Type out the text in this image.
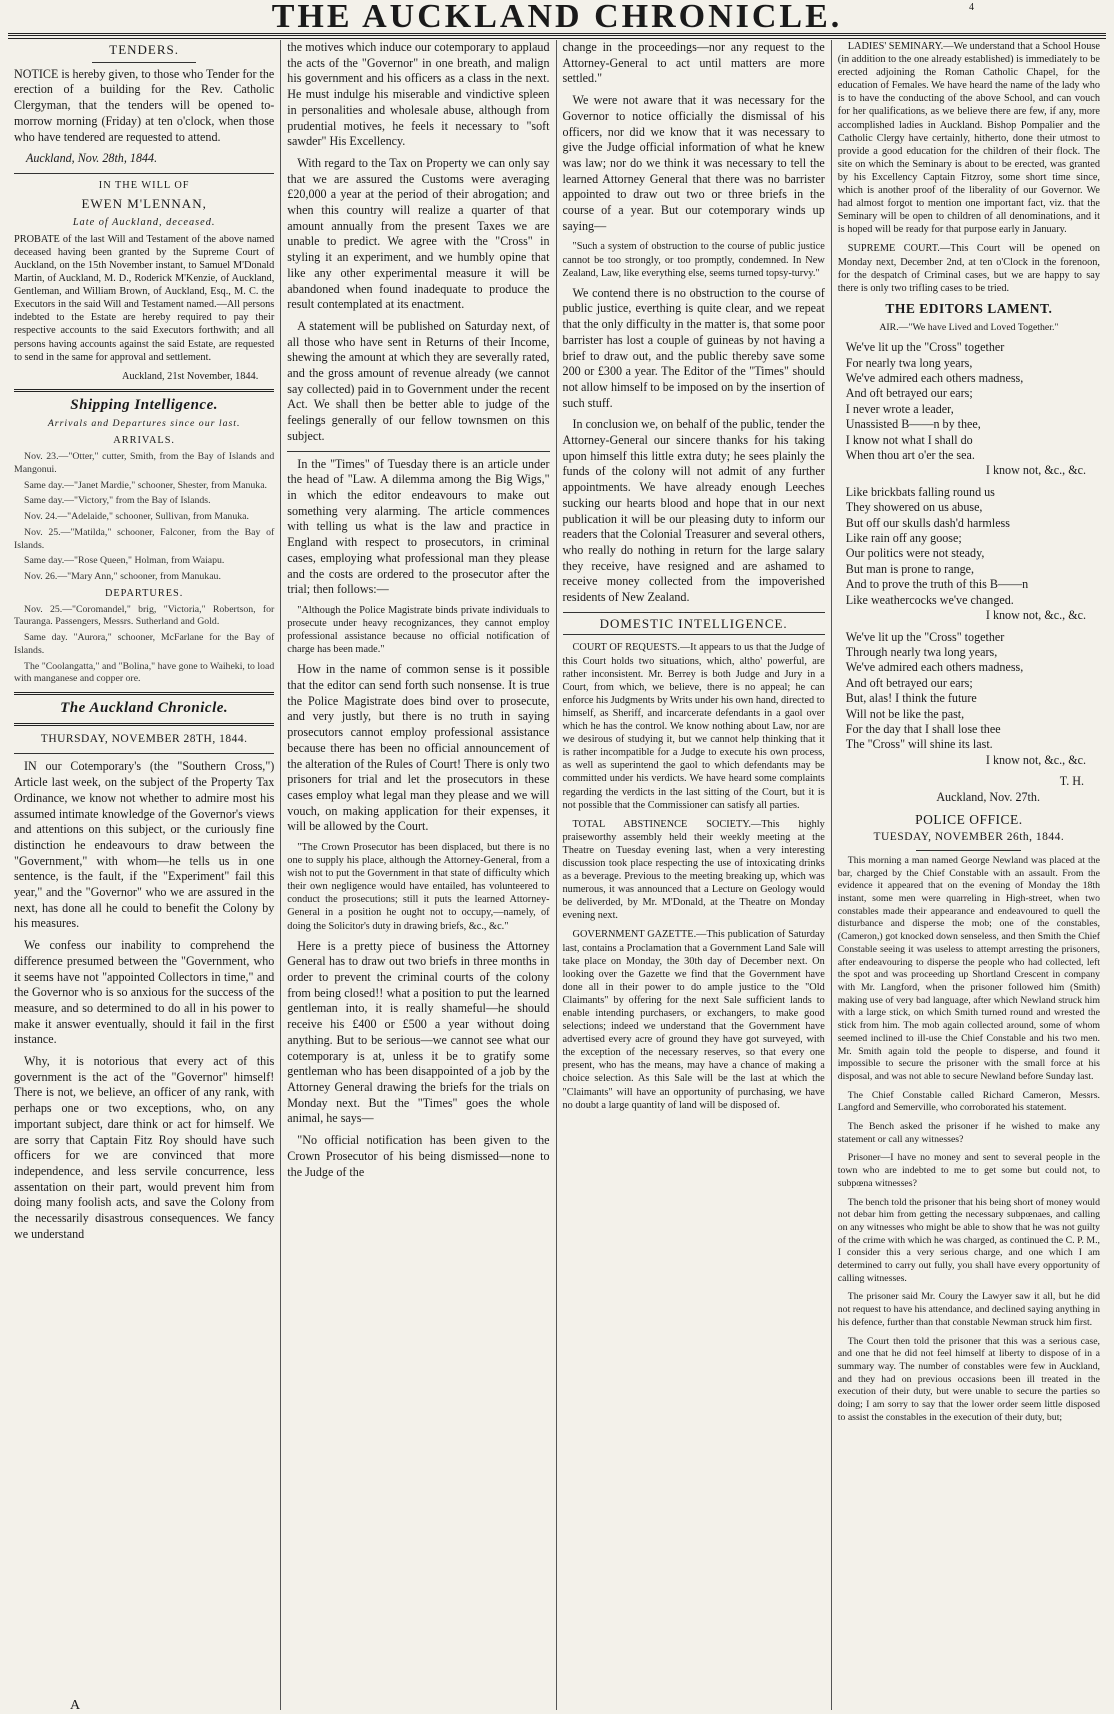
4
THE AUCKLAND CHRONICLE.
TENDERS.

NOTICE is hereby given, to those who Tender for the erection of a building for the Rev. Catholic Clergyman, that the tenders will be opened to-morrow morning (Friday) at ten o'clock, when those who have tendered are requested to attend.

Auckland, Nov. 28th, 1844.
IN THE WILL OF
EWEN M'LENNAN,
Late of Auckland, deceased.

PROBATE of the last Will and Testament of the above named deceased having been granted by the Supreme Court of Auckland, on the 15th November instant, to Samuel M'Donald Martin, of Auckland, M. D., Roderick M'Kenzie, of Auckland, Gentleman, and William Brown, of Auckland, Esq., M. C. the Executors in the said Will and Testament named.—All persons indebted to the Estate are hereby required to pay their respective accounts to the said Executors forthwith; and all persons having accounts against the said Estate, are requested to send in the same for approval and settlement.

Auckland, 21st November, 1844.
Shipping Intelligence.
Arrivals and Departures since our last.
ARRIVALS.

Nov. 23.—"Otter," cutter, Smith, from the Bay of Islands and Mangonui.

Same day.—"Janet Mardie," schooner, Shester, from Manuka.

Same day.—"Victory," from the Bay of Islands.

Nov. 24.—"Adelaide," schooner, Sullivan, from Manuka.

Nov. 25.—"Matilda," schooner, Falconer, from the Bay of Islands.

Same day.—"Rose Queen," Holman, from Waiapu.

Nov. 26.—"Mary Ann," schooner, from Manukau.

DEPARTURES.

Nov. 25.—"Coromandel," brig, "Victoria," Robertson, for Tauranga. Passengers, Messrs. Sutherland and Gold.

Same day. "Aurora," schooner, McFarlane for the Bay of Islands.

The "Coolangatta," and "Bolina," have gone to Waiheki, to load with manganese and copper ore.

The Auckland Chronicle.
THURSDAY, NOVEMBER 28TH, 1844.

IN our Cotemporary's (the "Southern Cross,") Article last week, on the subject of the Property Tax Ordinance, we know not whether to admire most his assumed intimate knowledge of the Governor's views and attentions on this subject, or the curiously fine distinction he endeavours to draw between the "Government," with whom—he tells us in one sentence, is the fault, if the "Experiment" fail this year," and the "Governor" who we are assured in the next, has done all he could to benefit the Colony by his measures.

We confess our inability to comprehend the difference presumed between the "Government, who it seems have not "appointed Collectors in time," and the Governor who is so anxious for the success of the measure, and so determined to do all in his power to make it answer eventually, should it fail in the first instance.

Why, it is notorious that every act of this government is the act of the "Governor" himself! There is not, we believe, an officer of any rank, with perhaps one or two exceptions, who, on any important subject, dare think or act for himself. We are sorry that Captain Fitz Roy should have such officers for we are convinced that more independence, and less servile concurrence, less assentation on their part, would prevent him from doing many foolish acts, and save the Colony from the necessarily disastrous consequences. We fancy we understand

the motives which induce our cotemporary to applaud the acts of the "Governor" in one breath, and malign his government and his officers as a class in the next. He must indulge his miserable and vindictive spleen in personalities and wholesale abuse, although from prudential motives, he feels it necessary to "soft sawder" His Excellency.

With regard to the Tax on Property we can only say that we are assured the Customs were averaging £20,000 a year at the period of their abrogation; and when this country will realize a quarter of that amount annually from the present Taxes we are unable to predict. We agree with the "Cross" in styling it an experiment, and we humbly opine that like any other experimental measure it will be abandoned when found inadequate to produce the result contemplated at its enactment.

A statement will be published on Saturday next, of all those who have sent in Returns of their Income, shewing the amount at which they are severally rated, and the gross amount of revenue already (we cannot say collected) paid in to Government under the recent Act. We shall then be better able to judge of the feelings generally of our fellow townsmen on this subject.

In the "Times" of Tuesday there is an article under the head of "Law. A dilemma among the Big Wigs," in which the editor endeavours to make out something very alarming. The article commences with telling us what is the law and practice in England with respect to prosecutors, in criminal cases, employing what professional man they please and the costs are ordered to the prosecutor after the trial; then follows:—

"Although the Police Magistrate binds private individuals to prosecute under heavy recognizances, they cannot employ professional assistance because no official notification of charge has been made."

How in the name of common sense is it possible that the editor can send forth such nonsense. It is true the Police Magistrate does bind over to prosecute, and very justly, but there is no truth in saying prosecutors cannot employ professional assistance because there has been no official announcement of the alteration of the Rules of Court! There is only two prisoners for trial and let the prosecutors in these cases employ what legal man they please and we will vouch, on making application for their expenses, it will be allowed by the Court.

"The Crown Prosecutor has been displaced, but there is no one to supply his place, although the Attorney-General, from a wish not to put the Government in that state of difficulty which their own negligence would have entailed, has volunteered to conduct the prosecutions; still it puts the learned Attorney-General in a position he ought not to occupy,—namely, of doing the Solicitor's duty in drawing briefs, &c., &c."

Here is a pretty piece of business the Attorney General has to draw out two briefs in three months in order to prevent the criminal courts of the colony from being closed!! what a position to put the learned gentleman into, it is really shameful—he should receive his £400 or £500 a year without doing anything. But to be serious—we cannot see what our cotemporary is at, unless it be to gratify some gentleman who has been disappointed of a job by the Attorney General drawing the briefs for the trials on Monday next. But the "Times" goes the whole animal, he says—

"No official notification has been given to the Crown Prosecutor of his being dismissed—none to the Judge of the

change in the proceedings—nor any request to the Attorney-General to act until matters are more settled."

We were not aware that it was necessary for the Governor to notice officially the dismissal of his officers, nor did we know that it was necessary to give the Judge official information of what he knew was law; nor do we think it was necessary to tell the learned Attorney General that there was no barrister appointed to draw out two or three briefs in the course of a year. But our cotemporary winds up saying—

"Such a system of obstruction to the course of public justice cannot be too strongly, or too promptly, condemned. In New Zealand, Law, like everything else, seems turned topsy-turvy."

We contend there is no obstruction to the course of public justice, everthing is quite clear, and we repeat that the only difficulty in the matter is, that some poor barrister has lost a couple of guineas by not having a brief to draw out, and the public thereby save some 200 or £300 a year. The Editor of the "Times" should not allow himself to be imposed on by the insertion of such stuff.

In conclusion we, on behalf of the public, tender the Attorney-General our sincere thanks for his taking upon himself this little extra duty; he sees plainly the funds of the colony will not admit of any further appointments. We have already enough Leeches sucking our hearts blood and hope that in our next publication it will be our pleasing duty to inform our readers that the Colonial Treasurer and several others, who really do nothing in return for the large salary they receive, have resigned and are ashamed to receive money collected from the impoverished residents of New Zealand.

DOMESTIC INTELLIGENCE.

COURT OF REQUESTS.—It appears to us that the Judge of this Court holds two situations, which, altho' powerful, are rather inconsistent. Mr. Berrey is both Judge and Jury in a Court, from which, we believe, there is no appeal; he can enforce his Judgments by Writs under his own hand, directed to himself, as Sheriff, and incarcerate defendants in a gaol over which he has the control. We know nothing about Law, nor are we desirous of studying it, but we cannot help thinking that it is rather incompatible for a Judge to execute his own process, as well as superintend the gaol to which defendants may be committed under his verdicts. We have heard some complaints regarding the verdicts in the last sitting of the Court, but it is not possible that the Commissioner can satisfy all parties.

TOTAL ABSTINENCE SOCIETY.—This highly praiseworthy assembly held their weekly meeting at the Theatre on Tuesday evening last, when a very interesting discussion took place respecting the use of intoxicating drinks as a beverage. Previous to the meeting breaking up, which was numerous, it was announced that a Lecture on Geology would be deliverded, by Mr. M'Donald, at the Theatre on Monday evening next.

GOVERNMENT GAZETTE.—This publication of Saturday last, contains a Proclamation that a Government Land Sale will take place on Monday, the 30th day of December next. On looking over the Gazette we find that the Government have done all in their power to do ample justice to the "Old Claimants" by offering for the next Sale sufficient lands to enable intending purchasers, or exchangers, to make good selections; indeed we understand that the Government have advertised every acre of ground they have got surveyed, with the exception of the necessary reserves, so that every one present, who has the means, may have a chance of making a choice selection. As this Sale will be the last at which the "Claimants" will have an opportunity of purchasing, we have no doubt a large quantity of land will be disposed of.

LADIES' SEMINARY.—We understand that a School House (in addition to the one already established) is immediately to be erected adjoining the Roman Catholic Chapel, for the education of Females. We have heard the name of the lady who is to have the conducting of the above School, and can vouch for her qualifications, as we believe there are few, if any, more accomplished ladies in Auckland. Bishop Pompalier and the Catholic Clergy have certainly, hitherto, done their utmost to provide a good education for the children of their flock. The site on which the Seminary is about to be erected, was granted by his Excellency Captain Fitzroy, some short time since, which is another proof of the liberality of our Governor. We had almost forgot to mention one important fact, viz. that the Seminary will be open to children of all denominations, and it is hoped will be ready for that purpose early in January.

SUPREME COURT.—This Court will be opened on Monday next, December 2nd, at ten o'Clock in the forenoon, for the despatch of Criminal cases, but we are happy to say there is only two trifling cases to be tried.

THE EDITORS LAMENT.
AIR.—"We have Lived and Loved Together."
We've lit up the "Cross" together
For nearly twa long years,
We've admired each others madness,
And oft betrayed our ears;
I never wrote a leader,
Unassisted B——n by thee,
I know not what I shall do
When thou art o'er the sea.
I know not, &c., &c.
Like brickbats falling round us
They showered on us abuse,
But off our skulls dash'd harmless
Like rain off any goose;
Our politics were not steady,
But man is prone to range,
And to prove the truth of this B——n
Like weathercocks we've changed.
I know not, &c., &c.
We've lit up the "Cross" together
Through nearly twa long years,
We've admired each others madness,
And oft betrayed our ears;
But, alas! I think the future
Will not be like the past,
For the day that I shall lose thee
The "Cross" will shine its last.
I know not, &c., &c.
T. H.
Auckland, Nov. 27th.
POLICE OFFICE.
TUESDAY, NOVEMBER 26th, 1844.

This morning a man named George Newland was placed at the bar, charged by the Chief Constable with an assault. From the evidence it appeared that on the evening of Monday the 18th instant, some men were quarreling in High-street, when two constables made their appearance and endeavoured to quell the disturbance and disperse the mob; one of the constables, (Cameron,) got knocked down senseless, and then Smith the Chief Constable seeing it was useless to attempt arresting the prisoners, after endeavouring to disperse the people who had collected, left the spot and was proceeding up Shortland Crescent in company with Mr. Langford, when the prisoner followed him (Smith) making use of very bad language, after which Newland struck him with a large stick, on which Smith turned round and wrested the stick from him. The mob again collected around, some of whom seemed inclined to ill-use the Chief Constable and his two men. Mr. Smith again told the people to disperse, and found it impossible to secure the prisoner with the small force at his disposal, and was not able to secure Newland before Sunday last.

The Chief Constable called Richard Cameron, Messrs. Langford and Semerville, who corroborated his statement.

The Bench asked the prisoner if he wished to make any statement or call any witnesses?

Prisoner—I have no money and sent to several people in the town who are indebted to me to get some but could not, to subpœna witnesses?

The bench told the prisoner that his being short of money would not debar him from getting the necessary subpœnaes, and calling on any witnesses who might be able to show that he was not guilty of the crime with which he was charged, as continued the C. P. M., I consider this a very serious charge, and one which I am determined to carry out fully, you shall have every opportunity of calling witnesses.

The prisoner said Mr. Coury the Lawyer saw it all, but he did not request to have his attendance, and declined saying anything in his defence, further than that constable Newman struck him first.

The Court then told the prisoner that this was a serious case, and one that he did not feel himself at liberty to dispose of in a summary way. The number of constables were few in Auckland, and they had on previous occasions been ill treated in the execution of their duty, but were unable to secure the parties so doing; I am sorry to say that the lower order seem little disposed to assist the constables in the execution of their duty, but;

A
